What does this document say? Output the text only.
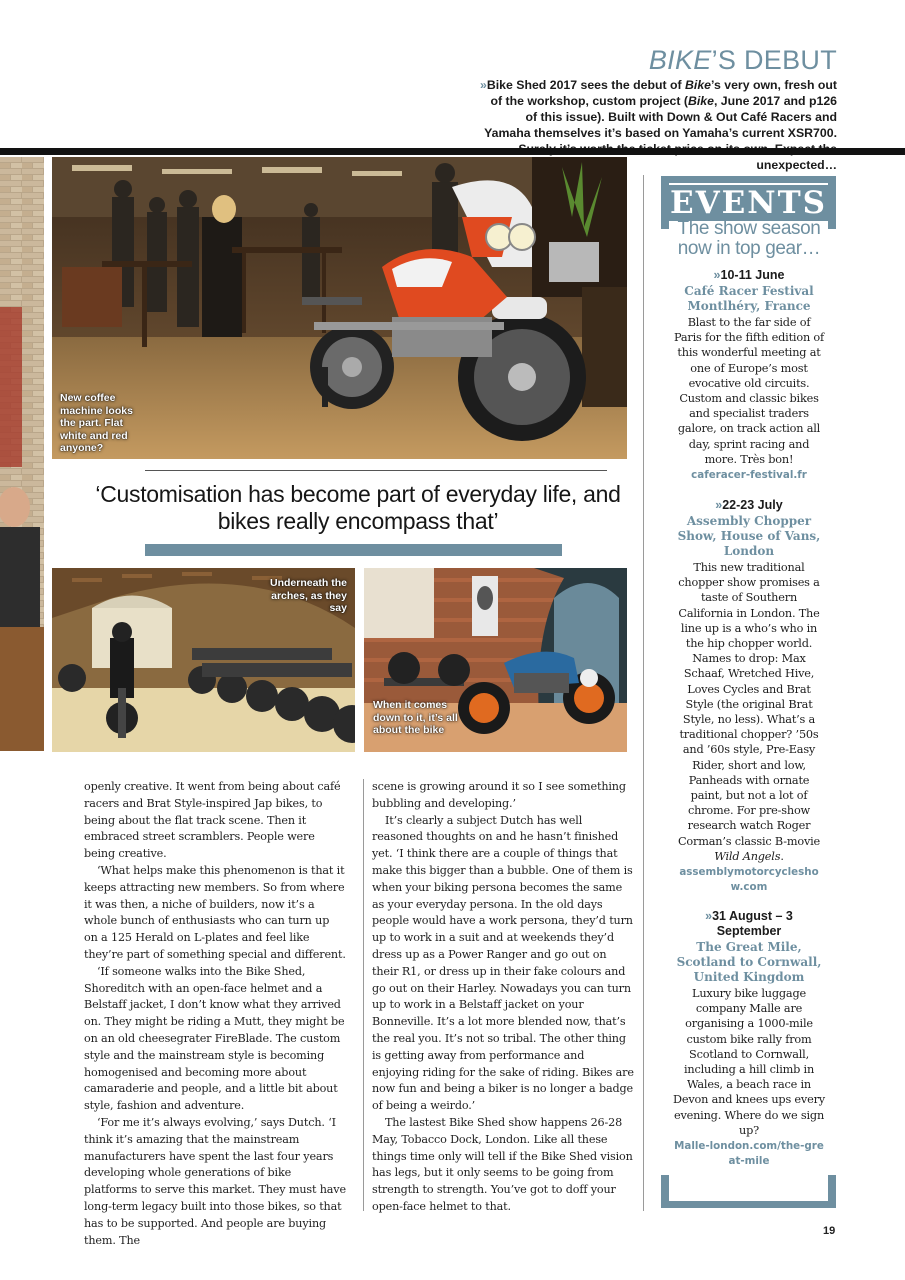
BIKE’S DEBUT
»Bike Shed 2017 sees the debut of Bike’s very own, fresh out of the workshop, custom project (Bike, June 2017 and p126 of this issue). Built with Down & Out Café Racers and Yamaha themselves it’s based on Yamaha’s current XSR700. unexpected…
New coffee machine looks the part. Flat white and red anyone?
‘Customisation has become part of everyday life, and bikes really encompass that’
Underneath the arches, as they say
When it comes down to it, it’s all about the bike

openly creative. It went from being about café racers and Brat Style-inspired Jap bikes, to being about the flat track scene. Then it embraced street scramblers. People were being creative.

‘What helps make this phenomenon is that it keeps attracting new members. So from where it was then, a niche of builders, now it’s a whole bunch of enthusiasts who can turn up on a 125 Herald on L-plates and feel like they’re part of something special and different.

‘If someone walks into the Bike Shed, Shoreditch with an open-face helmet and a Belstaff jacket, I don’t know what they arrived on. They might be riding a Mutt, they might be on an old cheesegrater FireBlade. The custom style and the mainstream style is becoming homogenised and becoming more about camaraderie and people, and a little bit about style, fashion and adventure.

‘For me it’s always evolving,’ says Dutch. ‘I think it’s amazing that the mainstream manufacturers have spent the last four years developing whole generations of bike platforms to serve this market. They must have long-term legacy built into those bikes, so that has to be supported. And people are buying them. The

scene is growing around it so I see something bubbling and developing.’

It’s clearly a subject Dutch has well reasoned thoughts on and he hasn’t finished yet. ‘I think there are a couple of things that make this bigger than a bubble. One of them is when your biking persona becomes the same as your everyday persona. In the old days people would have a work persona, they’d turn up to work in a suit and at weekends they’d dress up as a Power Ranger and go out on their R1, or dress up in their fake colours and go out on their Harley. Nowadays you can turn up to work in a Belstaff jacket on your Bonneville. It’s a lot more blended now, that’s the real you. It’s not so tribal. The other thing is getting away from performance and enjoying riding for the sake of riding. Bikes are now fun and being a biker is no longer a badge of being a weirdo.’

The lastest Bike Shed show happens 26-28 May, Tobacco Dock, London. Like all these things time only will tell if the Bike Shed vision has legs, but it only seems to be going from strength to strength. You’ve got to doff your open-face helmet to that.

EVENTS
The show season now in top gear…
»10-11 June
Café Racer Festival Montlhéry, France
Blast to the far side of Paris for the fifth edition of this wonderful meeting at one of Europe’s most evocative old circuits. Custom and classic bikes and specialist traders galore, on track action all day, sprint racing and more. Très bon!
caferacer-festival.fr
»22-23 July
Assembly Chopper Show, House of Vans, London
This new traditional chopper show promises a taste of Southern California in London. The line up is a who’s who in the hip chopper world. Names to drop: Max Schaaf, Wretched Hive, Loves Cycles and Brat Style (the original Brat Style, no less). What’s a traditional chopper? ’50s and ’60s style, Pre-Easy Rider, short and low, Panheads with ornate paint, but not a lot of chrome. For pre-show research watch Roger Corman’s classic B-movie Wild Angels.
assemblymotorcycleshow.com
»31 August – 3 September
The Great Mile, Scotland to Cornwall, United Kingdom
Luxury bike luggage company Malle are organising a 1000-mile custom bike rally from Scotland to Cornwall, including a hill climb in Wales, a beach race in Devon and knees ups every evening. Where do we sign up?
Malle-london.com/the-great-mile
19
